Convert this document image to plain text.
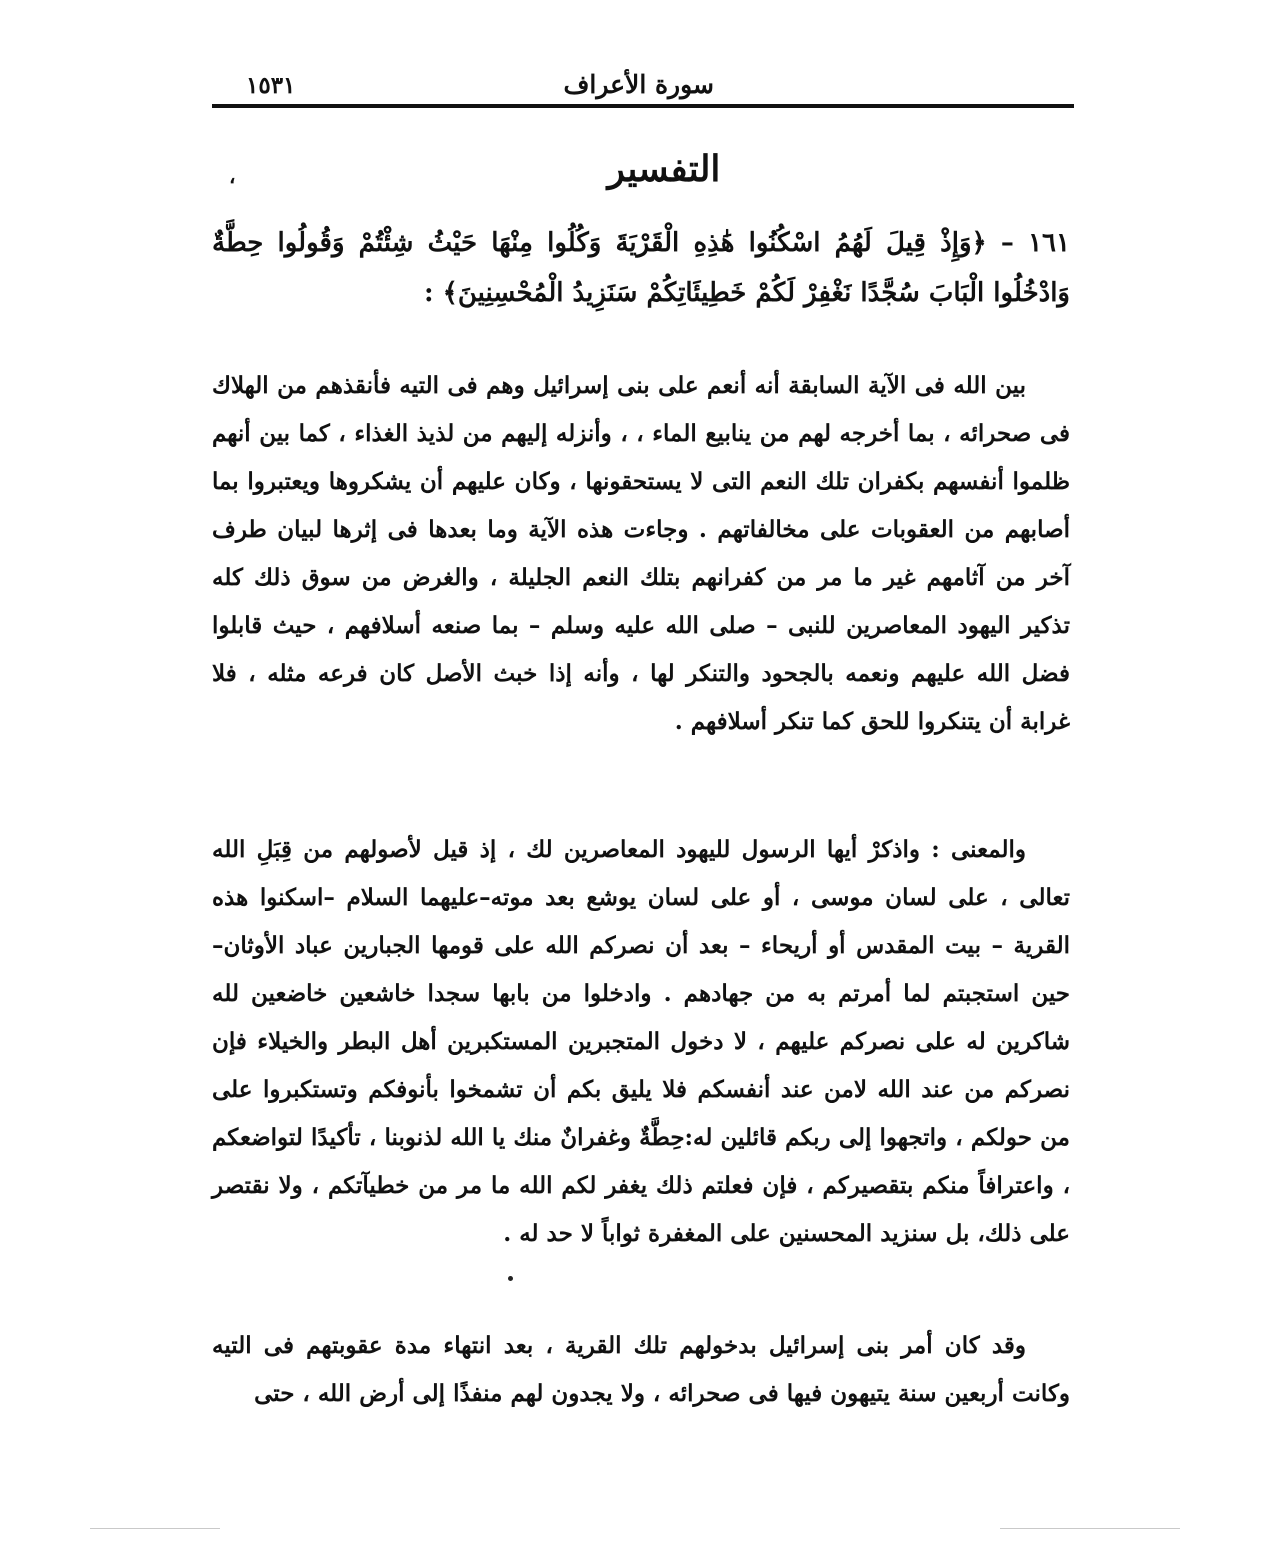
سورة الأعراف
١٥٣١
التفسير
،
١٦١ – ﴿وَإِذْ قِيلَ لَهُمُ اسْكُنُوا هَٰذِهِ الْقَرْيَةَ وَكُلُوا مِنْهَا حَيْثُ شِئْتُمْ وَقُولُوا حِطَّةٌ وَادْخُلُوا الْبَابَ سُجَّدًا نَغْفِرْ لَكُمْ خَطِيئَاتِكُمْ سَنَزِيدُ الْمُحْسِنِينَ﴾ :
بين الله فى الآية السابقة أنه أنعم على بنى إسرائيل وهم فى التيه فأنقذهم من الهلاك فى صحرائه ، بما أخرجه لهم من ينابيع الماء ، ، وأنزله إليهم من لذيذ الغذاء ، كما بين أنهم ظلموا أنفسهم بكفران تلك النعم التى لا يستحقونها ، وكان عليهم أن يشكروها ويعتبروا بما أصابهم من العقوبات على مخالفاتهم . وجاءت هذه الآية وما بعدها فى إثرها لبيان طرف آخر من آثامهم غير ما مر من كفرانهم بتلك النعم الجليلة ، والغرض من سوق ذلك كله تذكير اليهود المعاصرين للنبى – صلى الله عليه وسلم – بما صنعه أسلافهم ، حيث قابلوا فضل الله عليهم ونعمه بالجحود والتنكر لها ، وأنه إذا خبث الأصل كان فرعه مثله ، فلا غرابة أن يتنكروا للحق كما تنكر أسلافهم .
والمعنى : واذكرْ أيها الرسول لليهود المعاصرين لك ، إذ قيل لأصولهم من قِبَلِ الله تعالى ، على لسان موسى ، أو على لسان يوشع بعد موته–عليهما السلام –اسكنوا هذه القرية – بيت المقدس أو أريحاء – بعد أن نصركم الله على قومها الجبارين عباد الأوثان–حين استجبتم لما أمرتم به من جهادهم . وادخلوا من بابها سجدا خاشعين خاضعين لله شاكرين له على نصركم عليهم ، لا دخول المتجبرين المستكبرين أهل البطر والخيلاء فإن نصركم من عند الله لامن عند أنفسكم فلا يليق بكم أن تشمخوا بأنوفكم وتستكبروا على من حولكم ، واتجهوا إلى ربكم قائلين له:حِطَّةٌ وغفرانٌ منك يا الله لذنوبنا ، تأكيدًا لتواضعكم ، واعترافاً منكم بتقصيركم ، فإن فعلتم ذلك يغفر لكم الله ما مر من خطيآتكم ، ولا نقتصر على ذلك، بل سنزيد المحسنين على المغفرة ثواباً لا حد له .
وقد كان أمر بنى إسرائيل بدخولهم تلك القرية ، بعد انتهاء مدة عقوبتهم فى التيه وكانت أربعين سنة يتيهون فيها فى صحرائه ، ولا يجدون لهم منفذًا إلى أرض الله ، حتى
